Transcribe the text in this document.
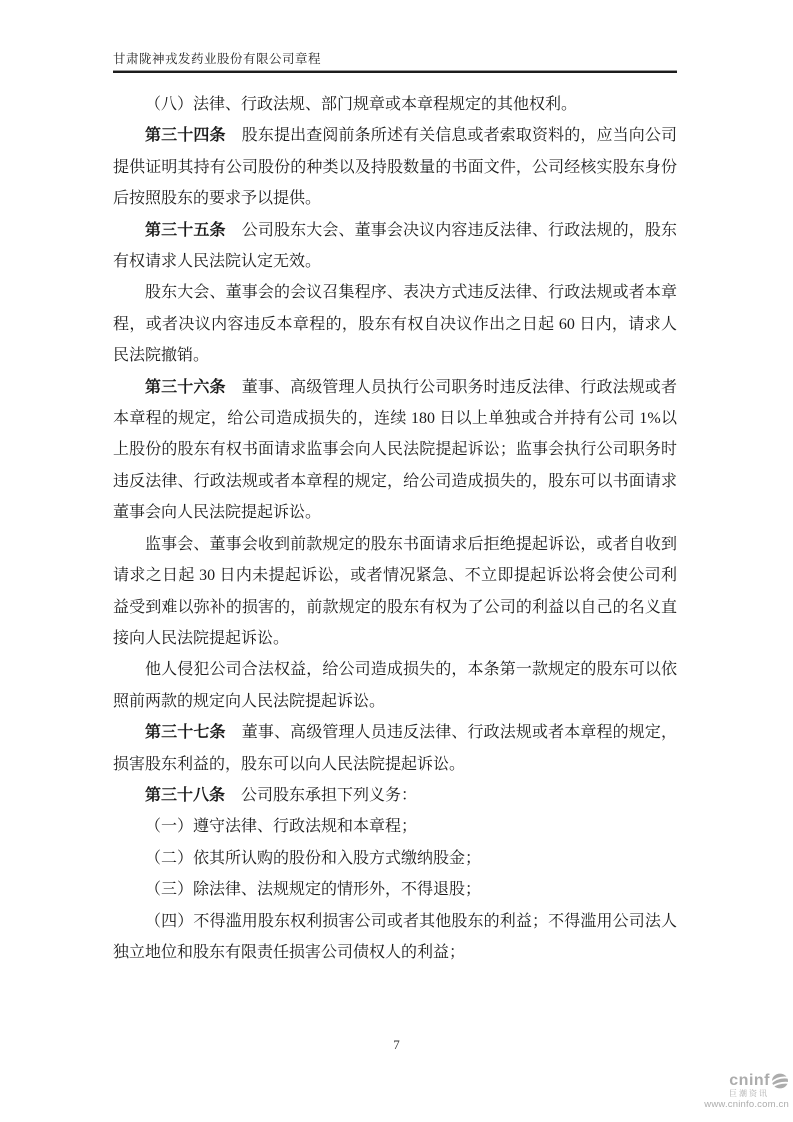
甘肃陇神戎发药业股份有限公司章程

（八）法律、行政法规、部门规章或本章程规定的其他权利。

第三十四条　股东提出查阅前条所述有关信息或者索取资料的，应当向公司提供证明其持有公司股份的种类以及持股数量的书面文件，公司经核实股东身份后按照股东的要求予以提供。

第三十五条　公司股东大会、董事会决议内容违反法律、行政法规的，股东有权请求人民法院认定无效。

股东大会、董事会的会议召集程序、表决方式违反法律、行政法规或者本章程，或者决议内容违反本章程的，股东有权自决议作出之日起 60 日内，请求人民法院撤销。

第三十六条　董事、高级管理人员执行公司职务时违反法律、行政法规或者本章程的规定，给公司造成损失的，连续 180 日以上单独或合并持有公司 1%以上股份的股东有权书面请求监事会向人民法院提起诉讼；监事会执行公司职务时违反法律、行政法规或者本章程的规定，给公司造成损失的，股东可以书面请求董事会向人民法院提起诉讼。

监事会、董事会收到前款规定的股东书面请求后拒绝提起诉讼，或者自收到请求之日起 30 日内未提起诉讼，或者情况紧急、不立即提起诉讼将会使公司利益受到难以弥补的损害的，前款规定的股东有权为了公司的利益以自己的名义直接向人民法院提起诉讼。

他人侵犯公司合法权益，给公司造成损失的，本条第一款规定的股东可以依照前两款的规定向人民法院提起诉讼。

第三十七条　董事、高级管理人员违反法律、行政法规或者本章程的规定，损害股东利益的，股东可以向人民法院提起诉讼。

第三十八条　公司股东承担下列义务：

（一）遵守法律、行政法规和本章程；

（二）依其所认购的股份和入股方式缴纳股金；

（三）除法律、法规规定的情形外，不得退股；

（四）不得滥用股东权利损害公司或者其他股东的利益；不得滥用公司法人独立地位和股东有限责任损害公司债权人的利益；

7
cninf
巨潮资讯
www.cninfo.com.cn
